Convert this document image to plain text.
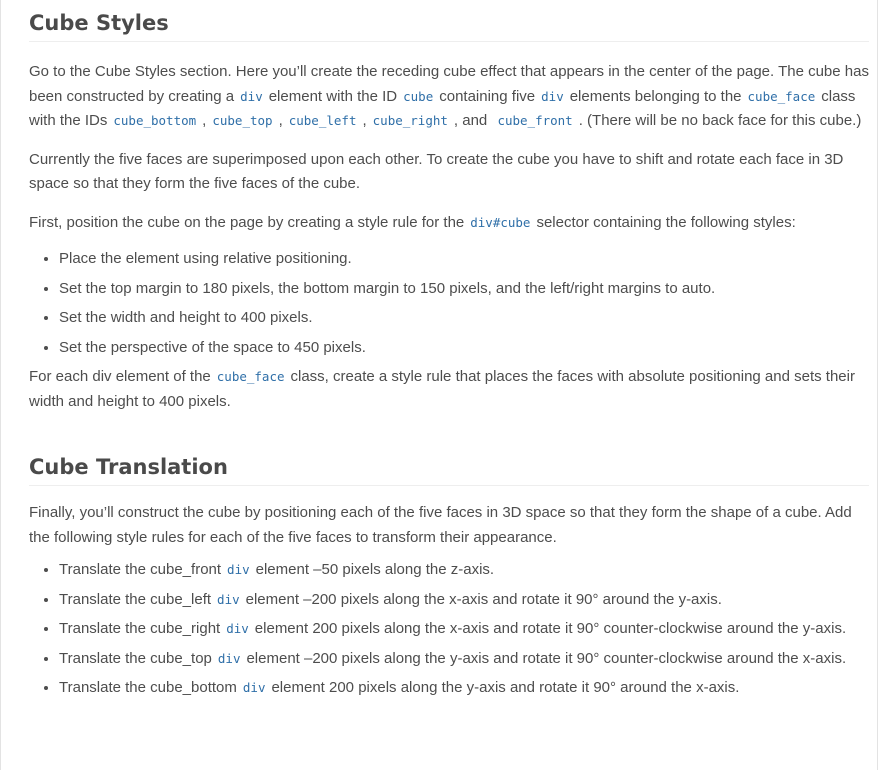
Cube Styles

Go to the Cube Styles section. Here you’ll create the receding cube effect that appears in the center of the page. The cube has been constructed by creating a div element with the ID cube containing five div elements belonging to the cube_face class with the IDs cube_bottom , cube_top , cube_left , cube_right , and cube_front . (There will be no back face for this cube.)

Currently the five faces are superimposed upon each other. To create the cube you have to shift and rotate each face in 3D space so that they form the five faces of the cube.

First, position the cube on the page by creating a style rule for the div#cube selector containing the following styles:

• Place the element using relative positioning.
• Set the top margin to 180 pixels, the bottom margin to 150 pixels, and the left/right margins to auto.
• Set the width and height to 400 pixels.
• Set the perspective of the space to 450 pixels.

For each div element of the cube_face class, create a style rule that places the faces with absolute positioning and sets their width and height to 400 pixels.

Cube Translation

Finally, you’ll construct the cube by positioning each of the five faces in 3D space so that they form the shape of a cube. Add the following style rules for each of the five faces to transform their appearance.

• Translate the cube_front div element –50 pixels along the z-axis.
• Translate the cube_left div element –200 pixels along the x-axis and rotate it 90° around the y-axis.
• Translate the cube_right div element 200 pixels along the x-axis and rotate it 90° counter-clockwise around the y-axis.
• Translate the cube_top div element –200 pixels along the y-axis and rotate it 90° counter-clockwise around the x-axis.
• Translate the cube_bottom div element 200 pixels along the y-axis and rotate it 90° around the x-axis.
